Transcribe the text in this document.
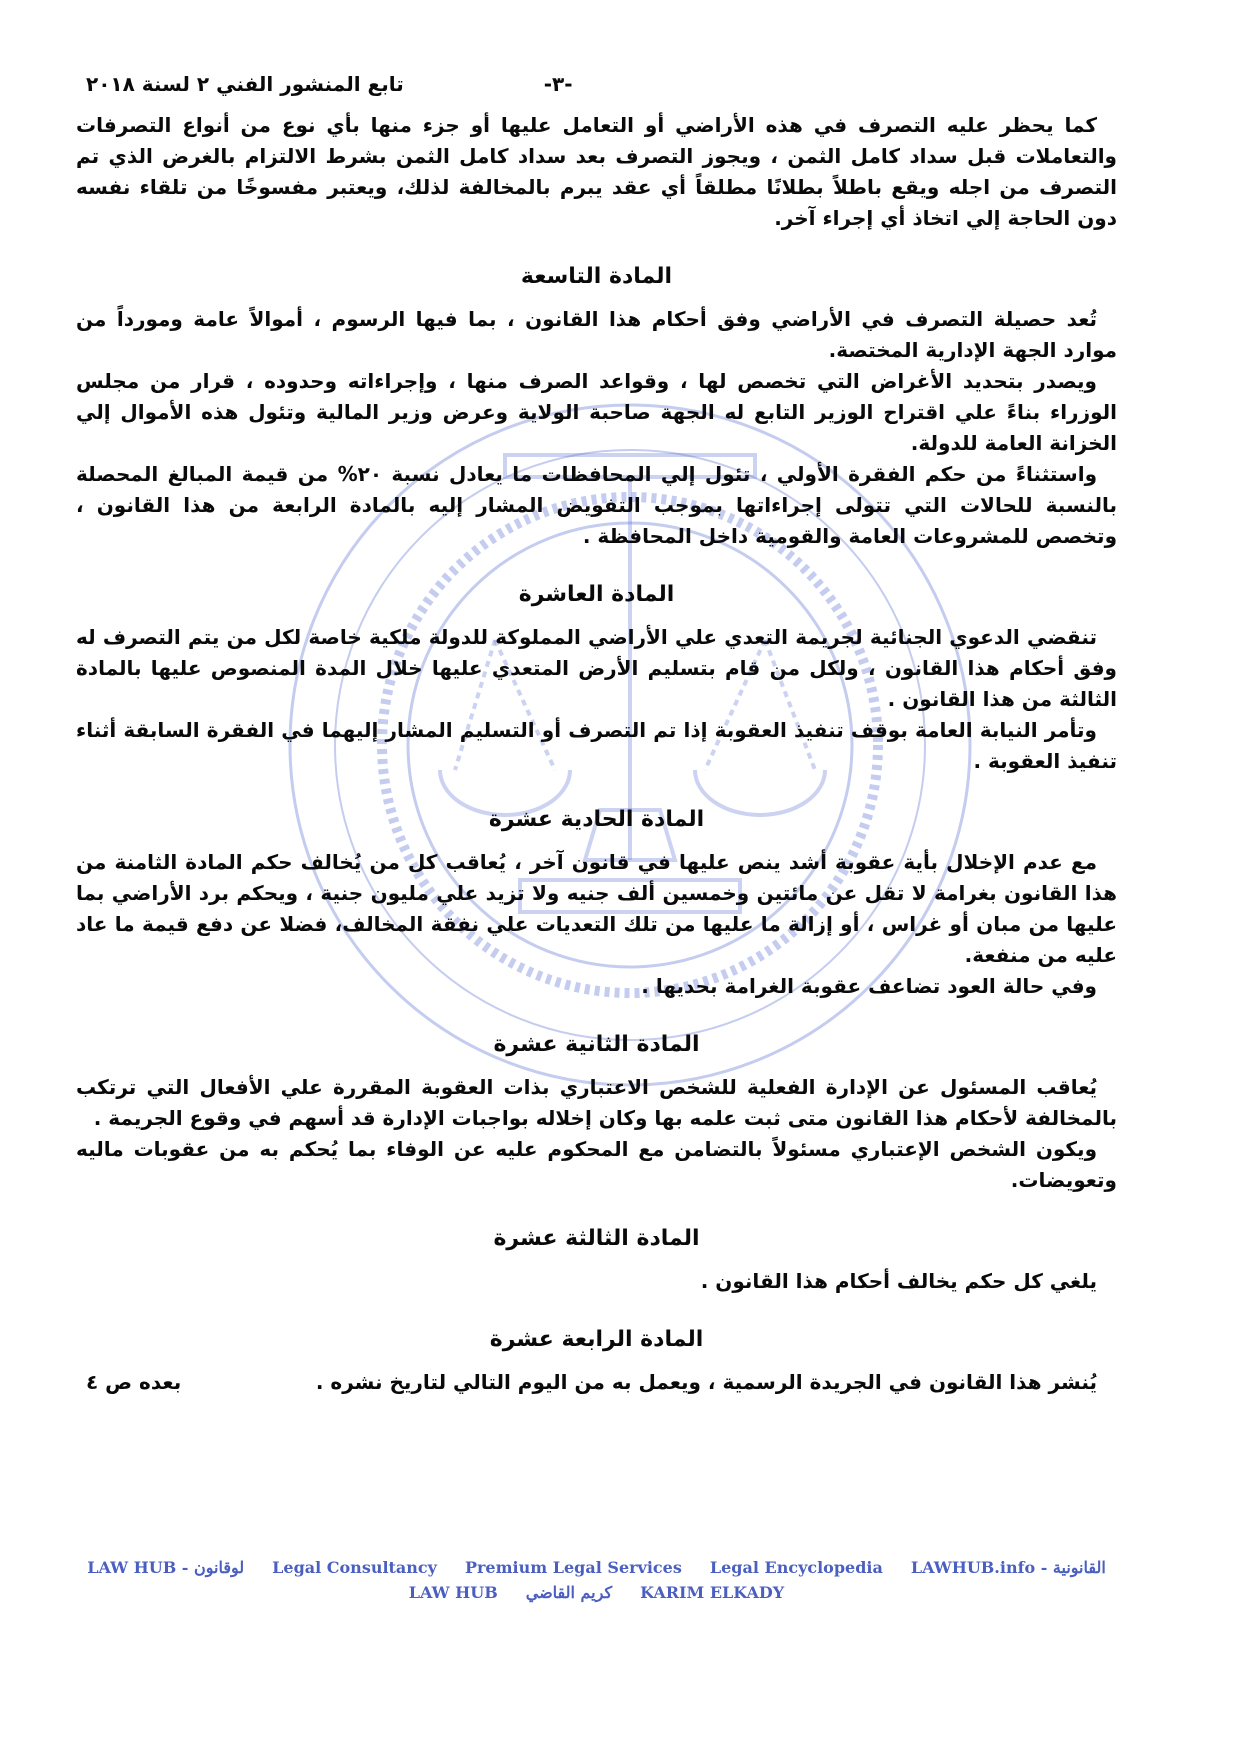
تابع المنشور الفني ٢ لسنة ٢٠١٨	-٣-

كما يحظر عليه التصرف في هذه الأراضي أو التعامل عليها أو جزء منها بأي نوع من أنواع التصرفات والتعاملات قبل سداد كامل الثمن ، ويجوز التصرف بعد سداد كامل الثمن بشرط الالتزام بالغرض الذي تم التصرف من اجله ويقع باطلاً بطلانًا مطلقاً أي عقد يبرم بالمخالفة لذلك، ويعتبر مفسوخًا من تلقاء نفسه دون الحاجة إلي اتخاذ أي إجراء آخر.

المادة التاسعة

تُعد حصيلة التصرف في الأراضي وفق أحكام هذا القانون ، بما فيها الرسوم ، أموالاً عامة ومورداً من موارد الجهة الإدارية المختصة.

ويصدر بتحديد الأغراض التي تخصص لها ، وقواعد الصرف منها ، وإجراءاته وحدوده ، قرار من مجلس الوزراء بناءً علي اقتراح الوزير التابع له الجهة صاحبة الولاية وعرض وزير المالية وتئول هذه الأموال إلي الخزانة العامة للدولة.

واستثناءً من حكم الفقرة الأولي ، تئول إلي المحافظات ما يعادل نسبة ٢٠% من قيمة المبالغ المحصلة بالنسبة للحالات التي تتولى إجراءاتها بموجب التفويض المشار إليه بالمادة الرابعة من هذا القانون ، وتخصص للمشروعات العامة والقومية داخل المحافظة .

المادة العاشرة

تنقضي الدعوي الجنائية لجريمة التعدي علي الأراضي المملوكة للدولة ملكية خاصة لكل من يتم التصرف له وفق أحكام هذا القانون ، ولكل من قام بتسليم الأرض المتعدي عليها خلال المدة المنصوص عليها بالمادة الثالثة من هذا القانون .

وتأمر النيابة العامة بوقف تنفيذ العقوبة إذا تم التصرف أو التسليم المشار إليهما في الفقرة السابقة أثناء تنفيذ العقوبة .

المادة الحادية عشرة

مع عدم الإخلال بأية عقوبة أشد ينص عليها في قانون آخر ، يُعاقب كل من يُخالف حكم المادة الثامنة من هذا القانون بغرامة لا تقل عن مائتين وخمسين ألف جنيه ولا تزيد علي مليون جنية ، ويحكم برد الأراضي بما عليها من مبان أو غراس ، أو إزالة ما عليها من تلك التعديات علي نفقة المخالف، فضلا عن دفع قيمة ما عاد عليه من منفعة.

وفي حالة العود تضاعف عقوبة الغرامة بحديها .

المادة الثانية عشرة

يُعاقب المسئول عن الإدارة الفعلية للشخص الاعتباري بذات العقوبة المقررة علي الأفعال التي ترتكب بالمخالفة لأحكام هذا القانون متى ثبت علمه بها وكان إخلاله بواجبات الإدارة قد أسهم في وقوع الجريمة .

ويكون الشخص الإعتباري مسئولاً بالتضامن مع المحكوم عليه عن الوفاء بما يُحكم به من عقوبات ماليه وتعويضات.

المادة الثالثة عشرة

يلغي كل حكم يخالف أحكام هذا القانون .

المادة الرابعة عشرة
يُنشر هذا القانون في الجريدة الرسمية ، ويعمل به من اليوم التالي لتاريخ نشره .
بعده ص ٤
LAW HUB - لوقانون Legal Consultancy Premium Legal Services Legal Encyclopedia LAWHUB.info - القانونية
LAW HUB كريم القاضي KARIM ELKADY
